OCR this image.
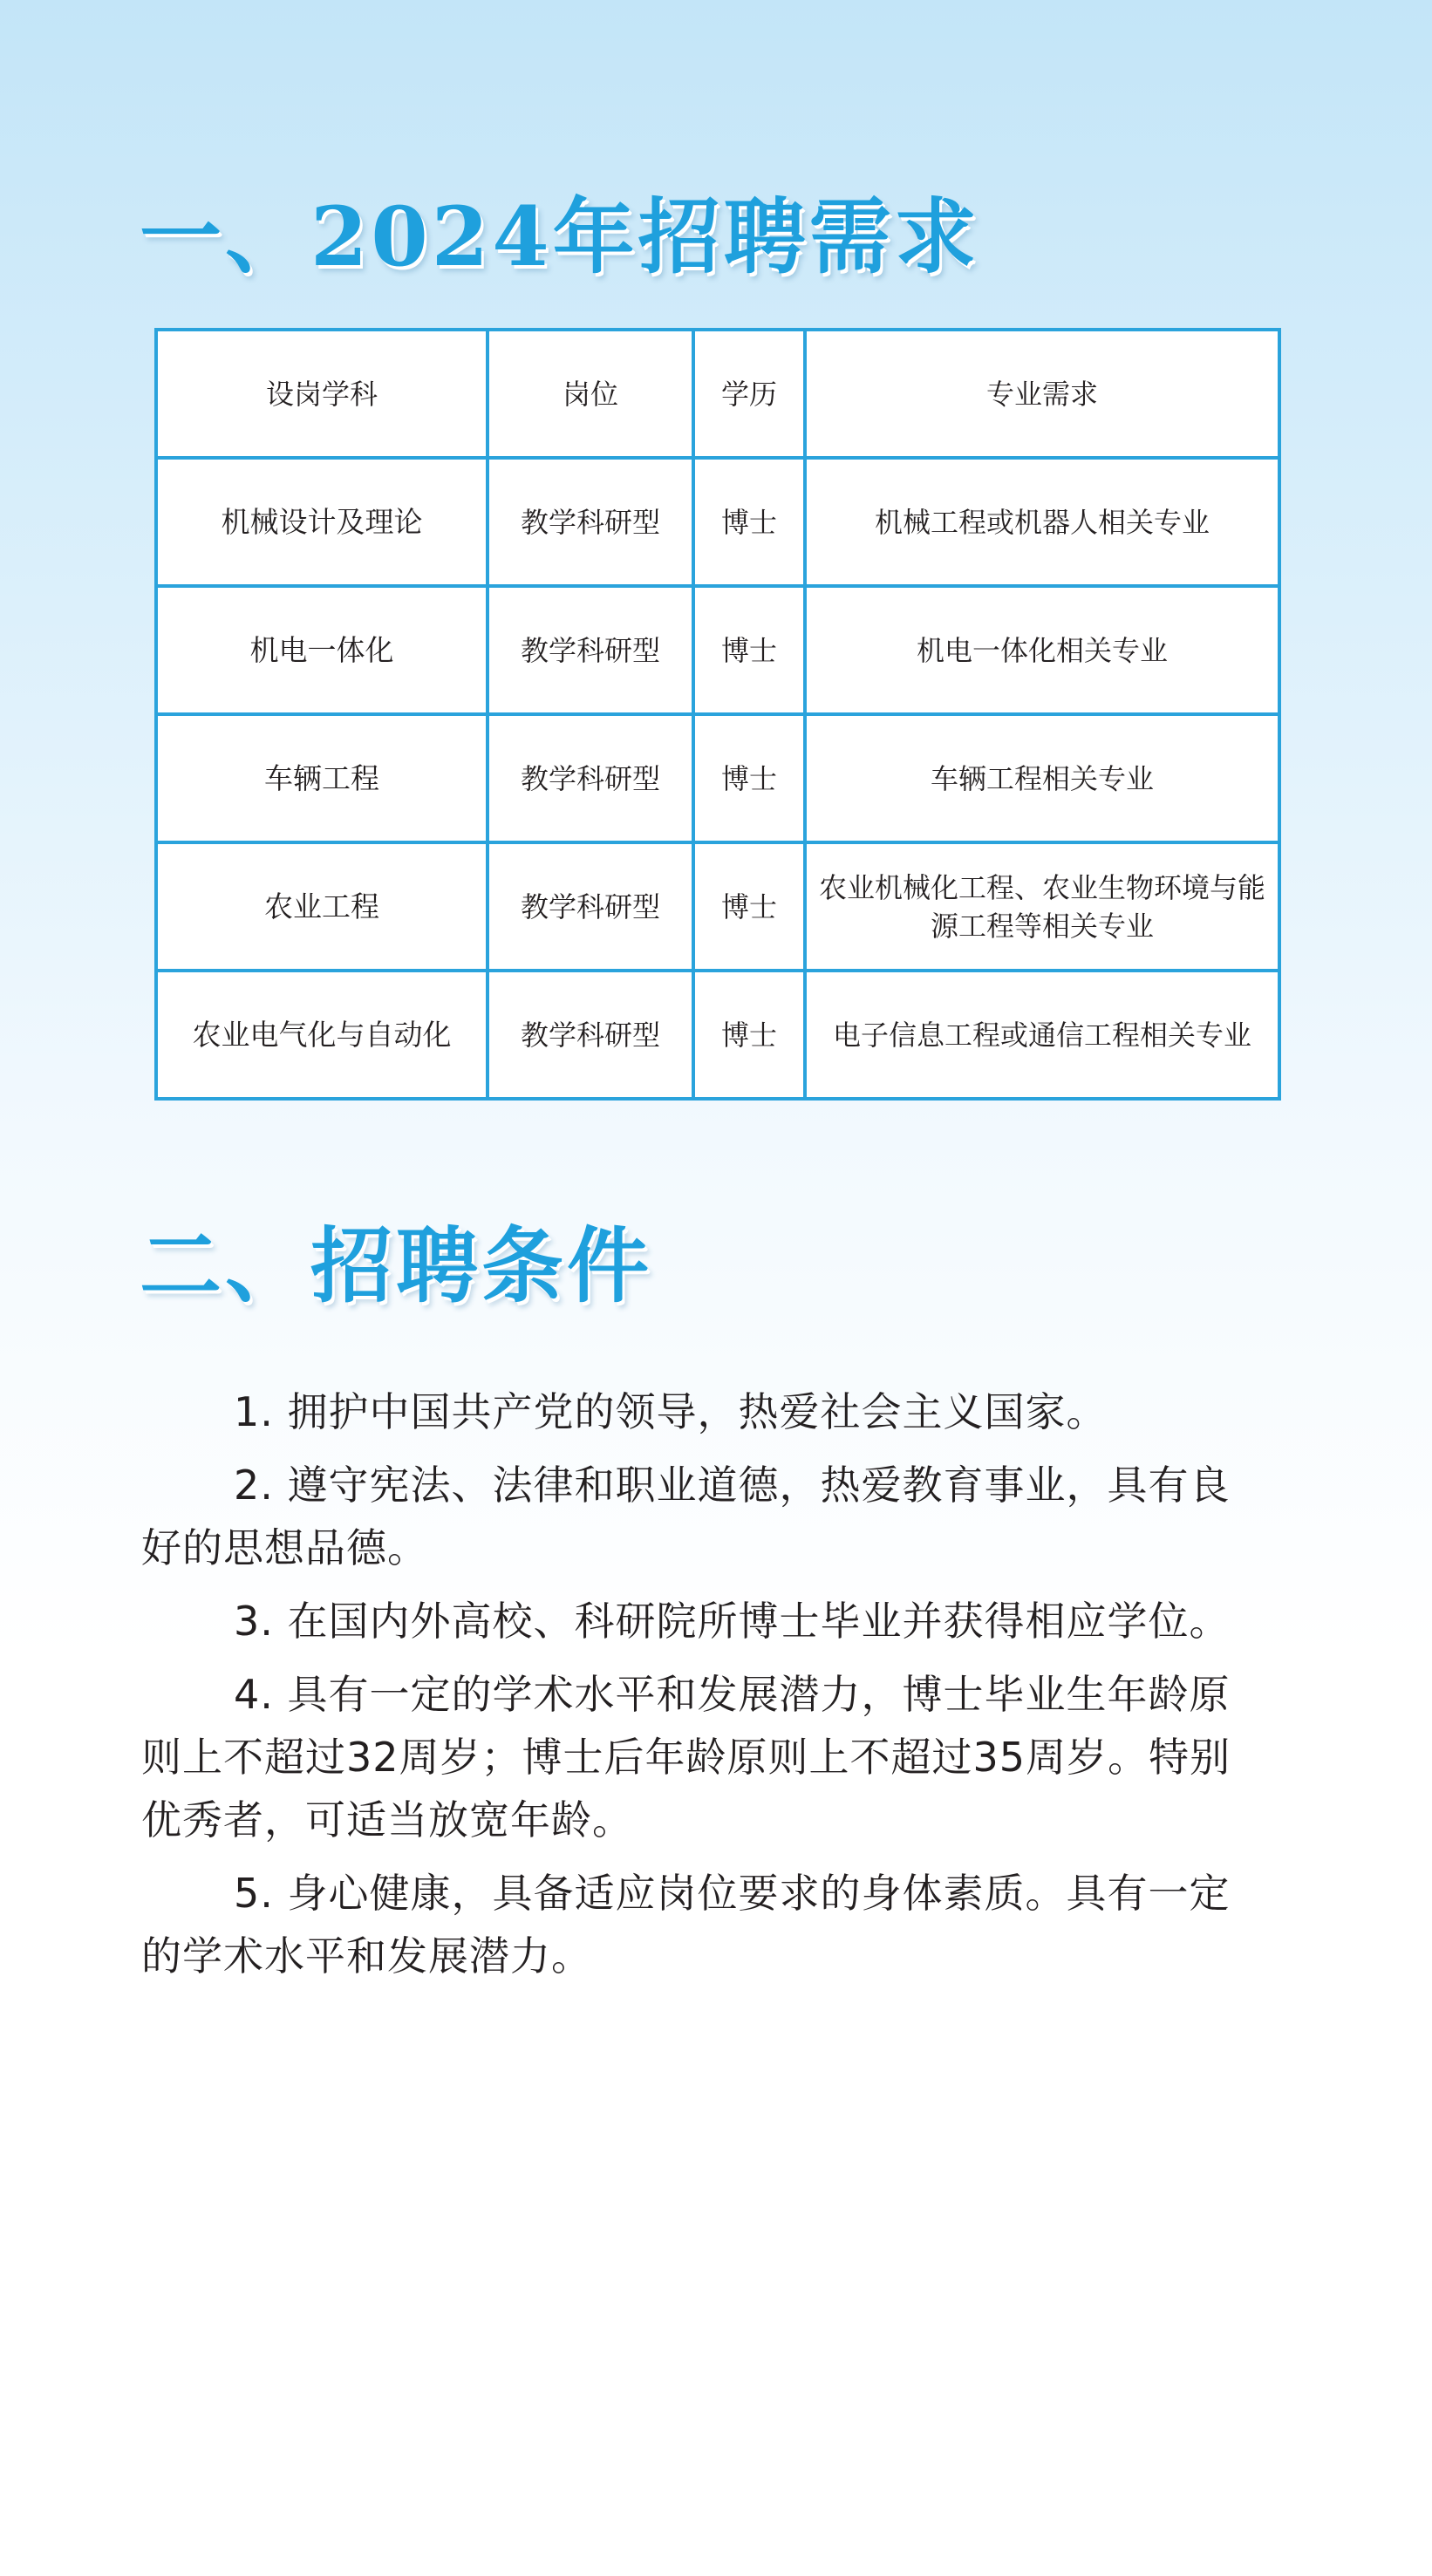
一、2024年招聘需求
设岗学科	岗位	学历	专业需求
机械设计及理论	教学科研型	博士	机械工程或机器人相关专业
机电一体化	教学科研型	博士	机电一体化相关专业
车辆工程	教学科研型	博士	车辆工程相关专业
农业工程	教学科研型	博士	农业机械化工程、农业生物环境与能源工程等相关专业
农业电气化与自动化	教学科研型	博士	电子信息工程或通信工程相关专业
二、招聘条件

1. 拥护中国共产党的领导，热爱社会主义国家。

2. 遵守宪法、法律和职业道德，热爱教育事业，具有良好的思想品德。

3. 在国内外高校、科研院所博士毕业并获得相应学位。

4. 具有一定的学术水平和发展潜力，博士毕业生年龄原则上不超过32周岁；博士后年龄原则上不超过35周岁。特别优秀者，可适当放宽年龄。

5. 身心健康，具备适应岗位要求的身体素质。具有一定的学术水平和发展潜力。
